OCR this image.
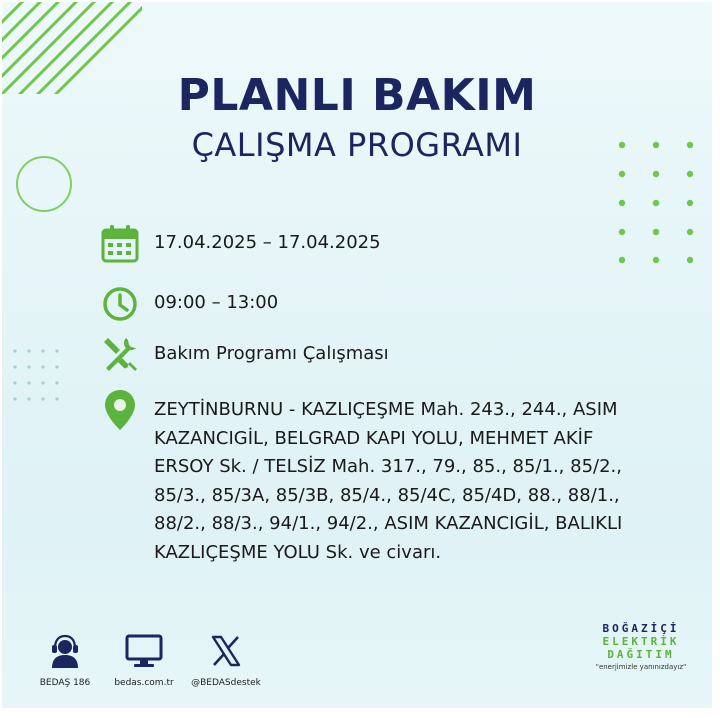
PLANLI BAKIM
ÇALIŞMA PROGRAMI
17.04.2025 – 17.04.2025
09:00 – 13:00
Bakım Programı Çalışması
ZEYTİNBURNU - KAZLIÇEŞME Mah. 243., 244., ASIM
KAZANCIGİL, BELGRAD KAPI YOLU, MEHMET AKİF
ERSOY Sk. / TELSİZ Mah. 317., 79., 85., 85/1., 85/2.,
85/3., 85/3A, 85/3B, 85/4., 85/4C, 85/4D, 88., 88/1.,
88/2., 88/3., 94/1., 94/2., ASIM KAZANCIGİL, BALIKLI
KAZLIÇEŞME YOLU Sk. ve civarı.
BEDAŞ 186	bedas.com.tr	@BEDASdestek
BOĞAZİÇİ
ELEKTRİK
DAĞITIM
"enerjimizle yanınızdayız"
